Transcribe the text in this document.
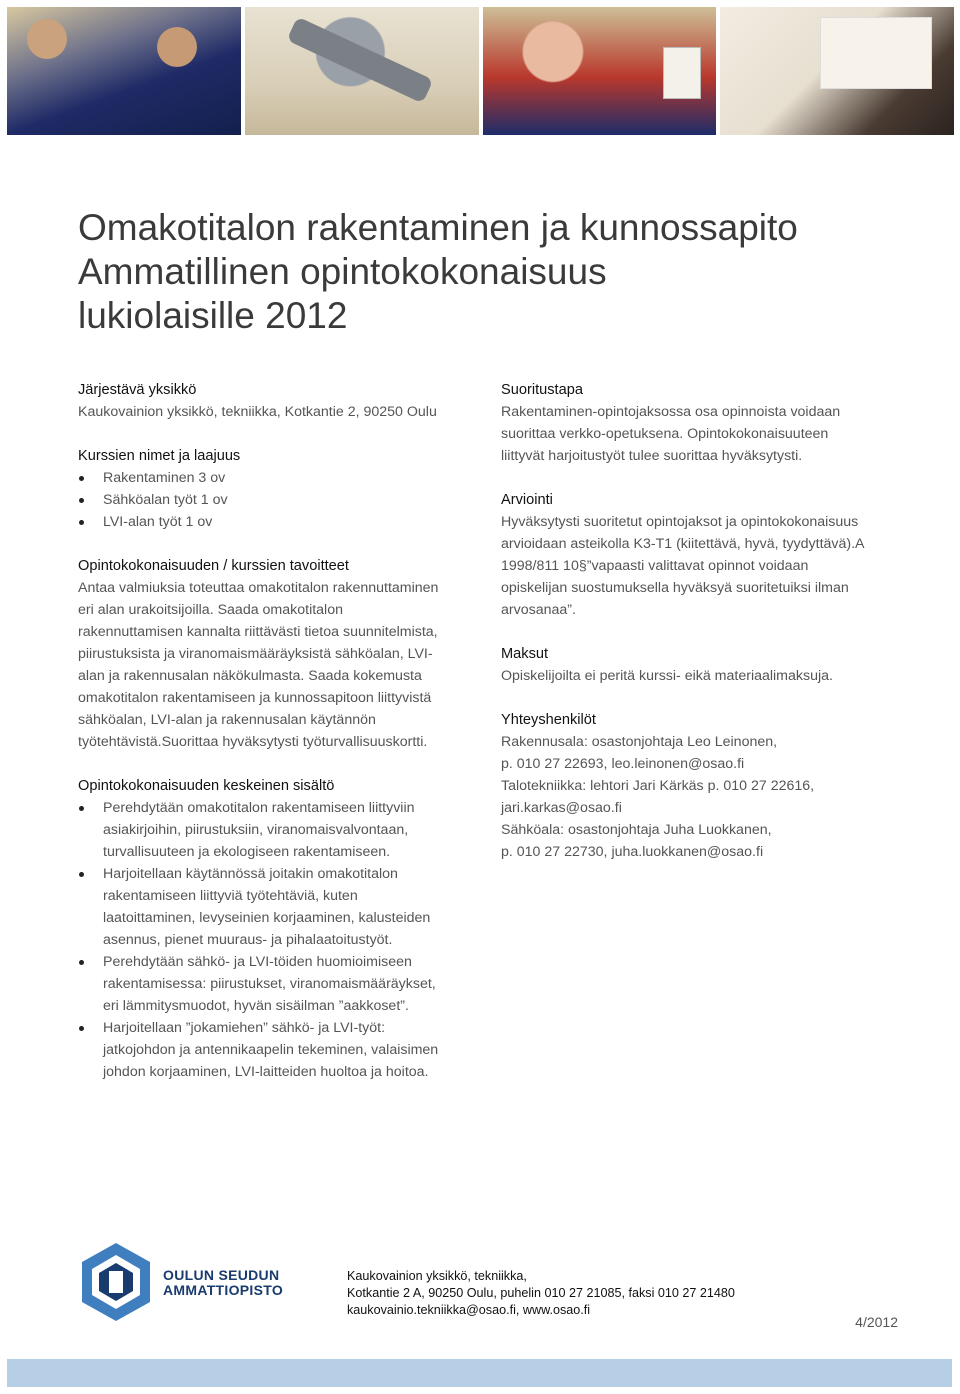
Omakotitalon rakentaminen ja kunnossapito
Ammatillinen opintokokonaisuus
lukiolaisille 2012
Järjestävä yksikkö
Kaukovainion yksikkö, tekniikka, Kotkantie 2, 90250 Oulu
Kurssien nimet ja laajuus
Rakentaminen 3 ov
Sähköalan työt 1 ov
LVI-alan työt 1 ov
Opintokokonaisuuden / kurssien tavoitteet
Antaa valmiuksia toteuttaa omakotitalon rakennuttaminen
eri alan urakoitsijoilla. Saada omakotitalon
rakennuttamisen kannalta riittävästi tietoa suunnitelmista,
piirustuksista ja viranomaismääräyksistä sähköalan, LVI-
alan ja rakennusalan näkökulmasta. Saada kokemusta
omakotitalon rakentamiseen ja kunnossapitoon liittyvistä
sähköalan, LVI-alan ja rakennusalan käytännön
työtehtävistä.Suorittaa hyväksytysti työturvallisuuskortti.
Opintokokonaisuuden keskeinen sisältö
Perehdytään omakotitalon rakentamiseen liittyviin
asiakirjoihin, piirustuksiin, viranomaisvalvontaan,
turvallisuuteen ja ekologiseen rakentamiseen.
Harjoitellaan käytännössä joitakin omakotitalon
rakentamiseen liittyviä työtehtäviä, kuten
laatoittaminen, levyseinien korjaaminen, kalusteiden
asennus, pienet muuraus- ja pihalaatoitustyöt.
Perehdytään sähkö- ja LVI-töiden huomioimiseen
rakentamisessa: piirustukset, viranomaismääräykset,
eri lämmitysmuodot, hyvän sisäilman ”aakkoset”.
Harjoitellaan ”jokamiehen” sähkö- ja LVI-työt:
jatkojohdon ja antennikaapelin tekeminen, valaisimen
johdon korjaaminen, LVI-laitteiden huoltoa ja hoitoa.
Suoritustapa
Rakentaminen-opintojaksossa osa opinnoista voidaan
suorittaa verkko-opetuksena. Opintokokonaisuuteen
liittyvät harjoitustyöt tulee suorittaa hyväksytysti.
Arviointi
Hyväksytysti suoritetut opintojaksot ja opintokokonaisuus
arvioidaan asteikolla K3-T1 (kiitettävä, hyvä, tyydyttävä).A
1998/811 10§”vapaasti valittavat opinnot voidaan
opiskelijan suostumuksella hyväksyä suoritetuiksi ilman
arvosanaa”.
Maksut
Opiskelijoilta ei peritä kurssi- eikä materiaalimaksuja.
Yhteyshenkilöt
Rakennusala: osastonjohtaja Leo Leinonen,
p. 010 27 22693, leo.leinonen@osao.fi
Talotekniikka: lehtori Jari Kärkäs p. 010 27 22616,
jari.karkas@osao.fi
Sähköala: osastonjohtaja Juha Luokkanen,
p. 010 27 22730, juha.luokkanen@osao.fi
OULUN SEUDUN
AMMATTIOPISTO
Kaukovainion yksikkö, tekniikka,
Kotkantie 2 A, 90250 Oulu, puhelin 010 27 21085, faksi 010 27 21480
kaukovainio.tekniikka@osao.fi, www.osao.fi
4/2012
